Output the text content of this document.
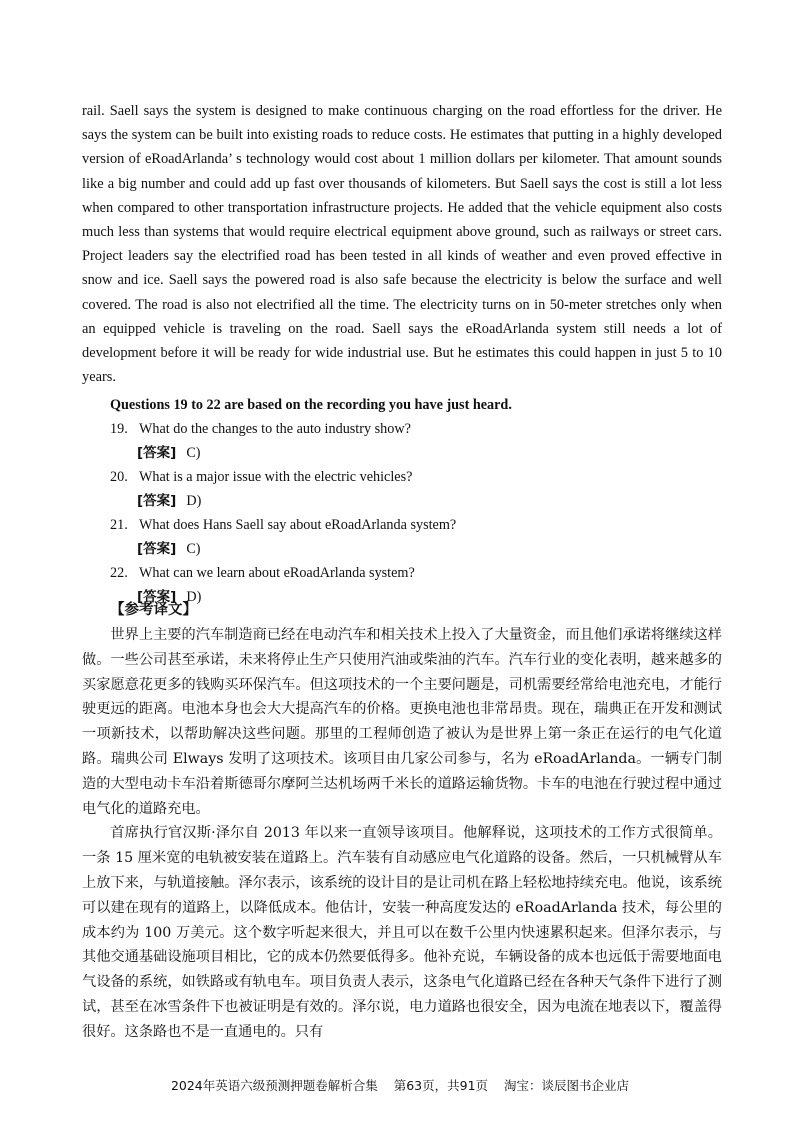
rail. Saell says the system is designed to make continuous charging on the road effortless for the driver. He says the system can be built into existing roads to reduce costs. He estimates that putting in a highly developed version of eRoadArlanda’ s technology would cost about 1 million dollars per kilometer. That amount sounds like a big number and could add up fast over thousands of kilometers. But Saell says the cost is still a lot less when compared to other transportation infrastructure projects. He added that the vehicle equipment also costs much less than systems that would require electrical equipment above ground, such as railways or street cars. Project leaders say the electrified road has been tested in all kinds of weather and even proved effective in snow and ice. Saell says the powered road is also safe because the electricity is below the surface and well covered. The road is also not electrified all the time. The electricity turns on in 50-meter stretches only when an equipped vehicle is traveling on the road. Saell says the eRoadArlanda system still needs a lot of development before it will be ready for wide industrial use. But he estimates this could happen in just 5 to 10 years.

Questions 19 to 22 are based on the recording you have just heard.
19. What do the changes to the auto industry show?
[答案] C)
20. What is a major issue with the electric vehicles?
[答案] D)
21. What does Hans Saell say about eRoadArlanda system?
[答案] C)
22. What can we learn about eRoadArlanda system?
[答案] D)
【参考译文】

世界上主要的汽车制造商已经在电动汽车和相关技术上投入了大量资金，而且他们承诺将继续这样做。一些公司甚至承诺，未来将停止生产只使用汽油或柴油的汽车。汽车行业的变化表明，越来越多的买家愿意花更多的钱购买环保汽车。但这项技术的一个主要问题是，司机需要经常给电池充电，才能行驶更远的距离。电池本身也会大大提高汽车的价格。更换电池也非常昂贵。现在，瑞典正在开发和测试一项新技术，以帮助解决这些问题。那里的工程师创造了被认为是世界上第一条正在运行的电气化道路。瑞典公司 Elways 发明了这项技术。该项目由几家公司参与，名为 eRoadArlanda。一辆专门制造的大型电动卡车沿着斯德哥尔摩阿兰达机场两千米长的道路运输货物。卡车的电池在行驶过程中通过电气化的道路充电。

首席执行官汉斯·泽尔自 2013 年以来一直领导该项目。他解释说，这项技术的工作方式很简单。一条 15 厘米宽的电轨被安装在道路上。汽车装有自动感应电气化道路的设备。然后，一只机械臂从车上放下来，与轨道接触。泽尔表示，该系统的设计目的是让司机在路上轻松地持续充电。他说，该系统可以建在现有的道路上，以降低成本。他估计，安装一种高度发达的 eRoadArlanda 技术，每公里的成本约为 100 万美元。这个数字听起来很大，并且可以在数千公里内快速累积起来。但泽尔表示，与其他交通基础设施项目相比，它的成本仍然要低得多。他补充说，车辆设备的成本也远低于需要地面电气设备的系统，如铁路或有轨电车。项目负责人表示，这条电气化道路已经在各种天气条件下进行了测试，甚至在冰雪条件下也被证明是有效的。泽尔说，电力道路也很安全，因为电流在地表以下，覆盖得很好。这条路也不是一直通电的。只有

2024年英语六级预测押题卷解析合集 第63页，共91页 淘宝：谈辰图书企业店
